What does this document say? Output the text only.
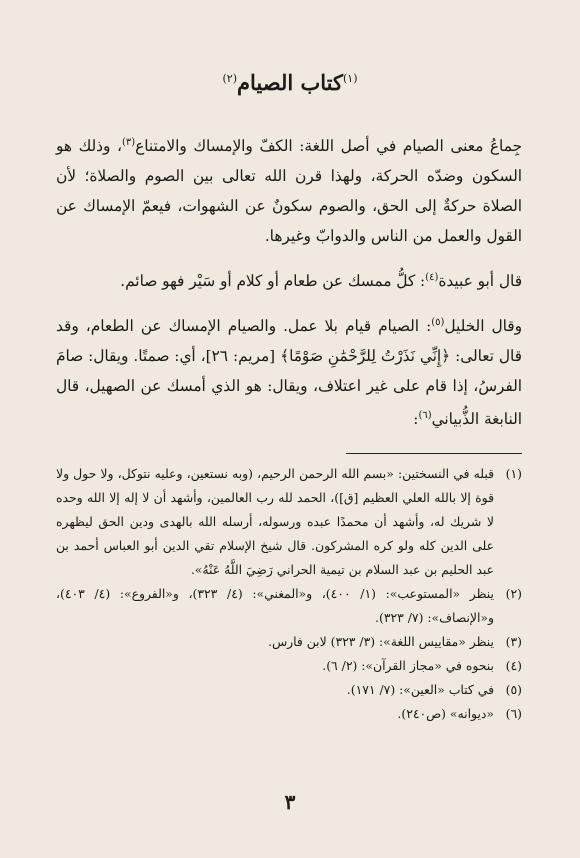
$^{(١)}$كتاب الصيام$^{(٢)}$

جِماعُ معنى الصيام في أصل اللغة: الكفّ والإمساك والامتناع$^{(٣)}$، وذلك هو السكون وضدّه الحركة، ولهذا قرن الله تعالى بين الصوم والصلاة؛ لأن الصلاة حركةٌ إلى الحق، والصوم سكونٌ عن الشهوات، فيعمّ الإمساك عن القول والعمل من الناس والدوابّ وغيرها.

قال أبو عبيدة$^{(٤)}$: كلُّ ممسك عن طعام أو كلام أو سَيْر فهو صائم.

وقال الخليل$^{(٥)}$: الصيام قيام بلا عمل. والصيام الإمساك عن الطعام، وقد قال تعالى: ﴿إِنِّي نَذَرْتُ لِلرَّحْمَٰنِ صَوْمًا﴾ [مريم: ٢٦]، أي: صمتًا. ويقال: صامَ الفرسُ، إذا قام على غير اعتلاف، ويقال: هو الذي أمسك عن الصهيل، قال النابغة الذُّبياني$^{(٦)}$:

(١)
قبله في النسختين: «بسم الله الرحمن الرحيم، (وبه نستعين، وعليه نتوكل، ولا حول ولا قوة إلا بالله العلي العظيم [ق])، الحمد لله رب العالمين، وأشهد أن لا إله إلا الله وحده لا شريك له، وأشهد أن محمدًا عبده ورسوله، أرسله الله بالهدى ودين الحق ليظهره على الدين كله ولو كره المشركون. قال شيخ الإسلام تقي الدين أبو العباس أحمد بن عبد الحليم بن عبد السلام بن تيمية الحراني رَضِيَ اللَّهُ عَنْهُ».
(٢)
ينظر «المستوعب»: (١/ ٤٠٠)، و«المغني»: (٤/ ٣٢٣)، و«الفروع»: (٤/ ٤٠٣)، و«الإنصاف»: (٧/ ٣٢٣).
(٣)
ينظر «مقاييس اللغة»: (٣/ ٣٢٣) لابن فارس.
(٤)
بنحوه في «مجاز القرآن»: (٢/ ٦).
(٥)
في كتاب «العين»: (٧/ ١٧١).
(٦)
«ديوانه» (ص٢٤٠).
٣
